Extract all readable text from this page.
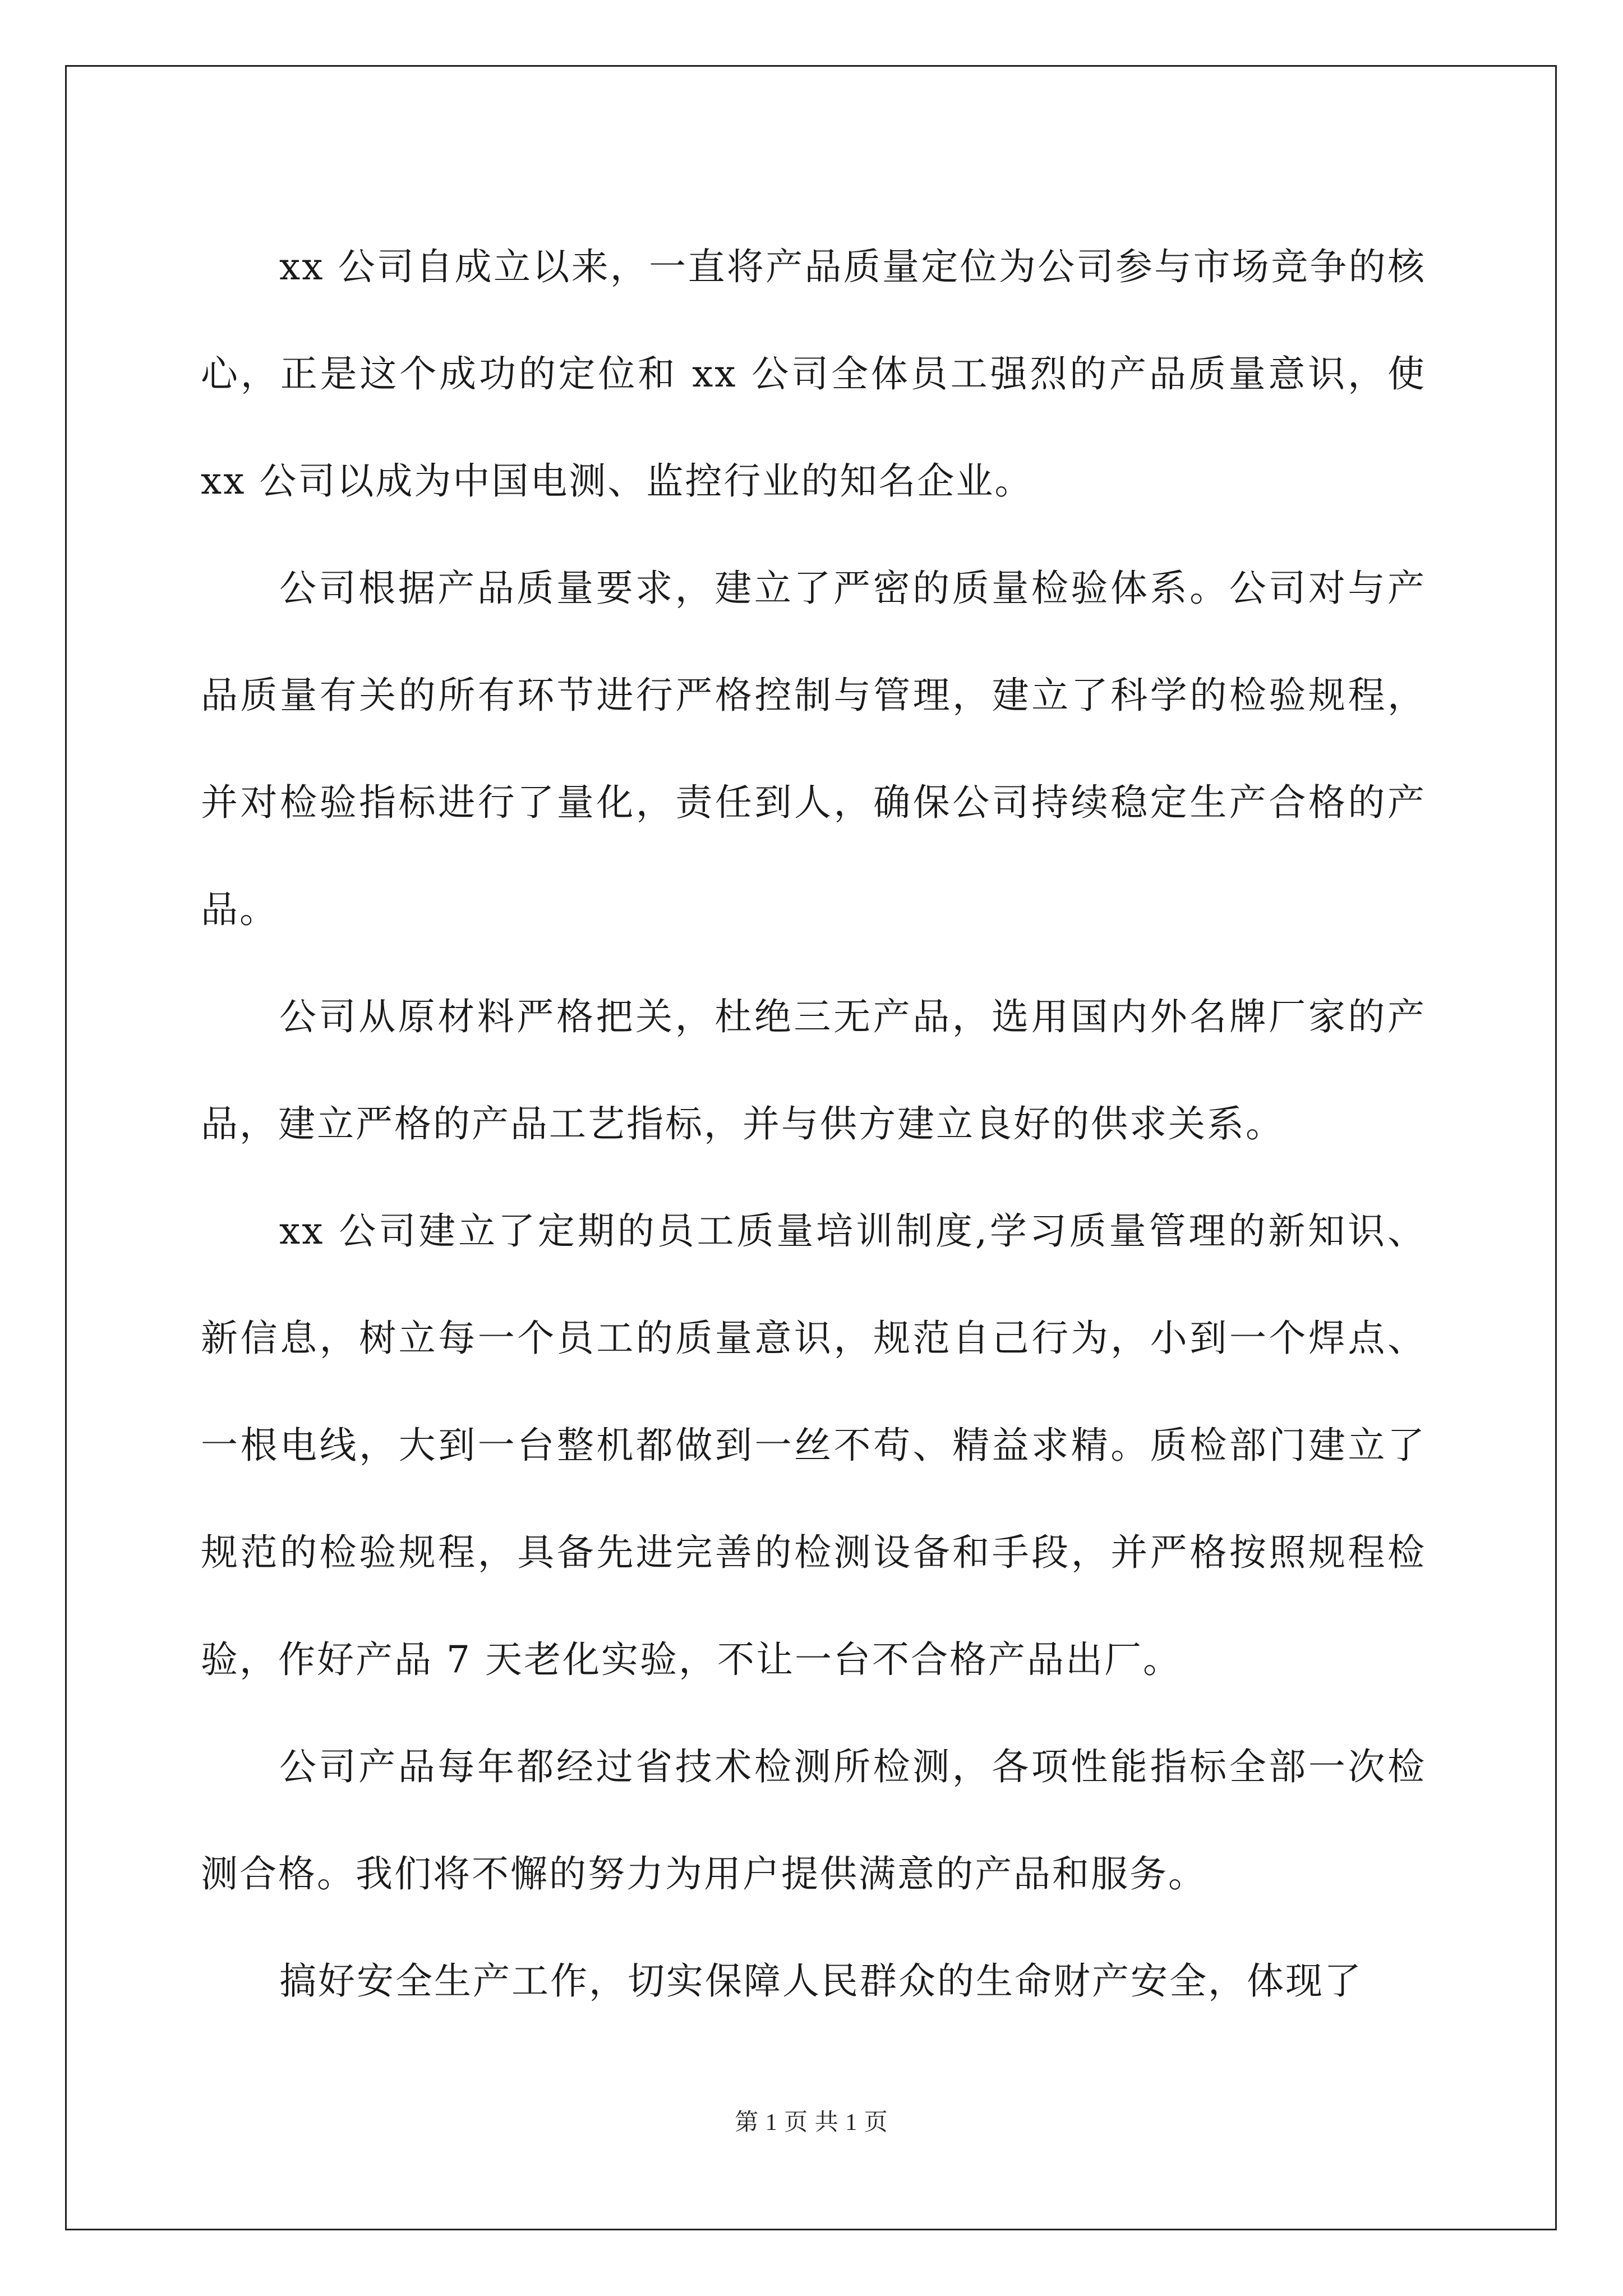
xx 公司自成立以来，一直将产品质量定位为公司参与市场竞争的核心，正是这个成功的定位和 xx 公司全体员工强烈的产品质量意识，使 xx 公司以成为中国电测、监控行业的知名企业。

公司根据产品质量要求，建立了严密的质量检验体系。公司对与产品质量有关的所有环节进行严格控制与管理，建立了科学的检验规程，并对检验指标进行了量化，责任到人，确保公司持续稳定生产合格的产品。

公司从原材料严格把关，杜绝三无产品，选用国内外名牌厂家的产品，建立严格的产品工艺指标，并与供方建立良好的供求关系。

xx 公司建立了定期的员工质量培训制度,学习质量管理的新知识、新信息，树立每一个员工的质量意识，规范自己行为，小到一个焊点、一根电线，大到一台整机都做到一丝不苟、精益求精。质检部门建立了规范的检验规程，具备先进完善的检测设备和手段，并严格按照规程检验，作好产品 7 天老化实验，不让一台不合格产品出厂。

公司产品每年都经过省技术检测所检测，各项性能指标全部一次检测合格。我们将不懈的努力为用户提供满意的产品和服务。

搞好安全生产工作，切实保障人民群众的生命财产安全，体现了

第 1 页 共 1 页
